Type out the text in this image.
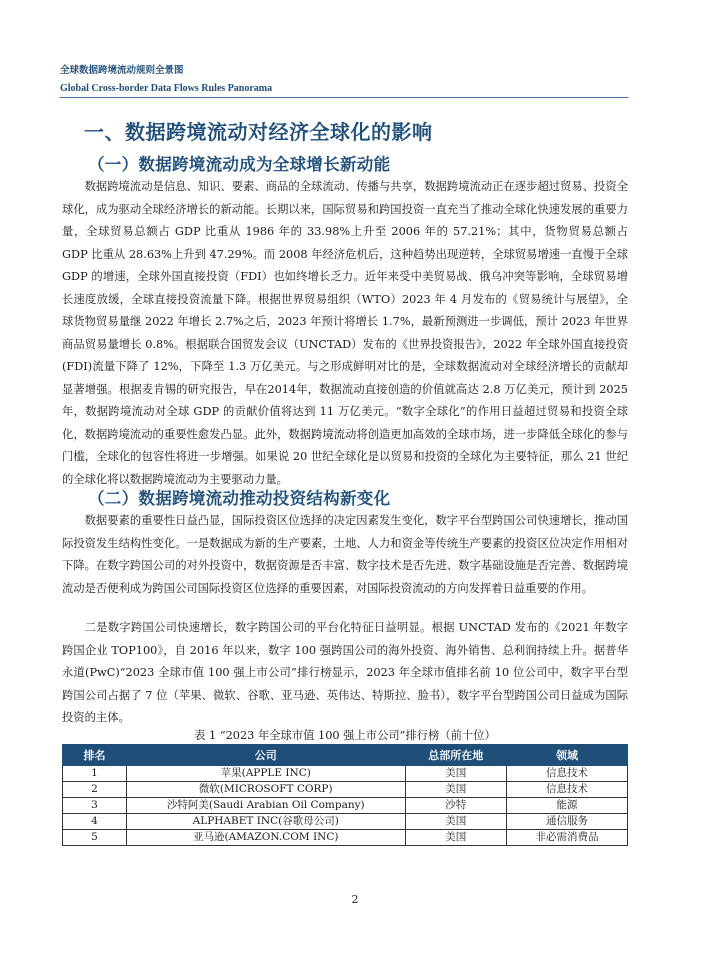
全球数据跨境流动规则全景图
Global Cross-border Data Flows Rules Panorama
一、数据跨境流动对经济全球化的影响
（一）数据跨境流动成为全球增长新动能

数据跨境流动是信息、知识、要素、商品的全球流动、传播与共享，数据跨境流动正在逐步超过贸易、投资全球化，成为驱动全球经济增长的新动能。长期以来，国际贸易和跨国投资一直充当了推动全球化快速发展的重要力量，全球贸易总额占 GDP 比重从 1986 年的 33.98%上升至 2006 年的 57.21%；其中，货物贸易总额占 GDP 比重从 28.63%上升到 47.29%。而 2008 年经济危机后，这种趋势出现逆转，全球贸易增速一直慢于全球 GDP 的增速，全球外国直接投资（FDI）也如终增长乏力。近年来受中美贸易战、俄乌冲突等影响，全球贸易增长速度放缓，全球直接投资流量下降。根据世界贸易组织（WTO）2023 年 4 月发布的《贸易统计与展望》，全球货物贸易量继 2022 年增长 2.7%之后，2023 年预计将增长 1.7%，最新预测进一步调低，预计 2023 年世界商品贸易量增长 0.8%。根据联合国贸发会议（UNCTAD）发布的《世界投资报告》，2022 年全球外国直接投资(FDI)流量下降了 12%，下降至 1.3 万亿美元。与之形成鲜明对比的是，全球数据流动对全球经济增长的贡献却显著增强。根据麦肯锡的研究报告，早在2014年，数据流动直接创造的价值就高达 2.8 万亿美元，预计到 2025 年，数据跨境流动对全球 GDP 的贡献价值将达到 11 万亿美元。“数字全球化”的作用日益超过贸易和投资全球化，数据跨境流动的重要性愈发凸显。此外，数据跨境流动将创造更加高效的全球市场，进一步降低全球化的参与门槛，全球化的包容性将进一步增强。如果说 20 世纪全球化是以贸易和投资的全球化为主要特征，那么 21 世纪的全球化将以数据跨境流动为主要驱动力量。

（二）数据跨境流动推动投资结构新变化

数据要素的重要性日益凸显，国际投资区位选择的决定因素发生变化，数字平台型跨国公司快速增长，推动国际投资发生结构性变化。一是数据成为新的生产要素，土地、人力和资金等传统生产要素的投资区位决定作用相对下降。在数字跨国公司的对外投资中，数据资源是否丰富、数字技术是否先进、数字基础设施是否完善、数据跨境流动是否便利成为跨国公司国际投资区位选择的重要因素，对国际投资流动的方向发挥着日益重要的作用。

二是数字跨国公司快速增长，数字跨国公司的平台化特征日益明显。根据 UNCTAD 发布的《2021 年数字跨国企业 TOP100》，自 2016 年以来，数字 100 强跨国公司的海外投资、海外销售、总利润持续上升。据普华永道(PwC)“2023 全球市值 100 强上市公司”排行榜显示，2023 年全球市值排名前 10 位公司中，数字平台型跨国公司占据了 7 位（苹果、微软、谷歌、亚马逊、英伟达、特斯拉、脸书），数字平台型跨国公司日益成为国际投资的主体。

表 1 “2023 年全球市值 100 强上市公司”排行榜（前十位）
排名	公司	总部所在地	领域
1	苹果(APPLE INC)	美国	信息技术
2	微软(MICROSOFT CORP)	美国	信息技术
3	沙特阿美(Saudi Arabian Oil Company)	沙特	能源
4	ALPHABET INC(谷歌母公司)	美国	通信服务
5	亚马逊(AMAZON.COM INC)	美国	非必需消费品
2
